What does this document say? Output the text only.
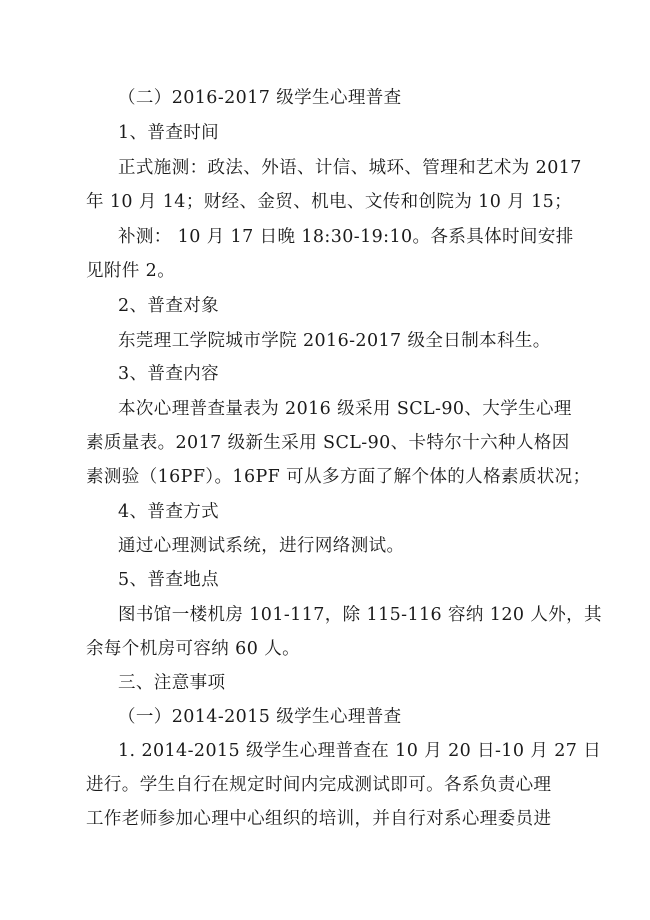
（二）2016-2017 级学生心理普查
1、普查时间
正式施测：政法、外语、计信、城环、管理和艺术为 2017
年 10 月 14；财经、金贸、机电、文传和创院为 10 月 15；
补测： 10 月 17 日晚 18:30-19:10。各系具体时间安排
见附件 2。
2、普查对象
东莞理工学院城市学院 2016-2017 级全日制本科生。
3、普查内容
本次心理普查量表为 2016 级采用 SCL-90、大学生心理
素质量表。2017 级新生采用 SCL-90、卡特尔十六种人格因
素测验（16PF）。16PF 可从多方面了解个体的人格素质状况；
4、普查方式
通过心理测试系统，进行网络测试。
5、普查地点
图书馆一楼机房 101-117，除 115-116 容纳 120 人外，其
余每个机房可容纳 60 人。
三、注意事项
（一）2014-2015 级学生心理普查
1. 2014-2015 级学生心理普查在 10 月 20 日-10 月 27 日
进行。学生自行在规定时间内完成测试即可。各系负责心理
工作老师参加心理中心组织的培训，并自行对系心理委员进
